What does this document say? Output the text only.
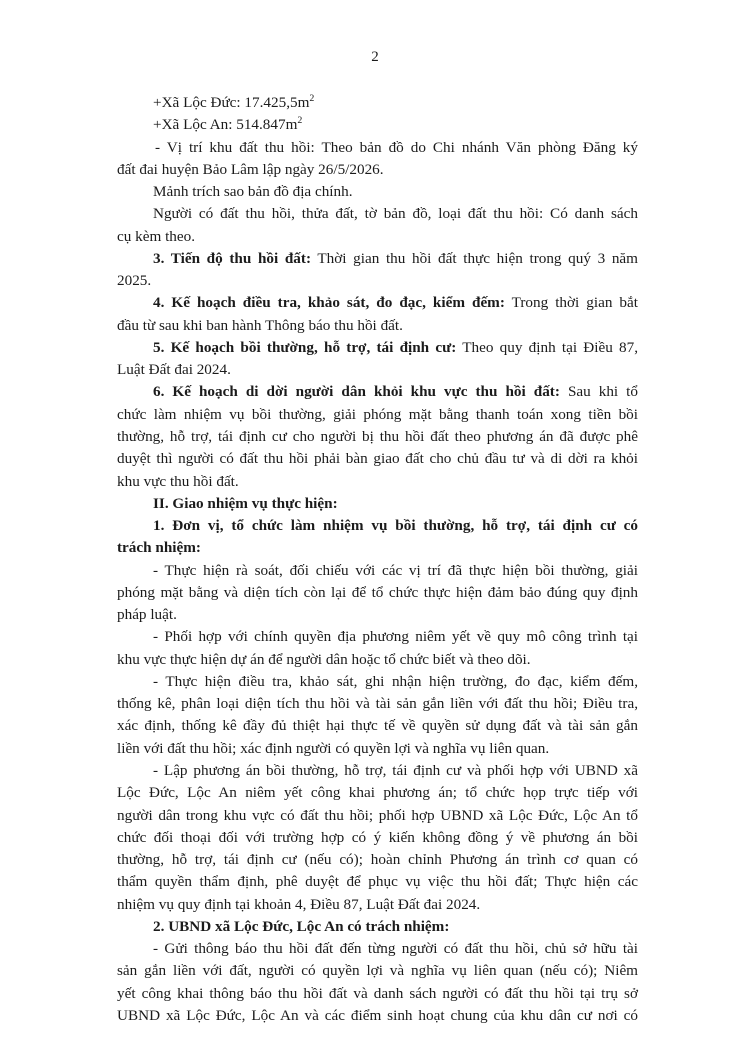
2
+Xã Lộc Đức: $17.425,5m^2$
+Xã Lộc An: $514.847m^2$
- Vị trí khu đất thu hồi: Theo bản đồ do Chi nhánh Văn phòng Đăng ký
đất đai huyện Bảo Lâm lập ngày 26/5/2026.
Mảnh trích sao bản đồ địa chính.
Người có đất thu hồi, thửa đất, tờ bản đồ, loại đất thu hồi: Có danh sách
cụ kèm theo.
3. Tiến độ thu hồi đất: Thời gian thu hồi đất thực hiện trong quý 3 năm
2025.
4. Kế hoạch điều tra, khảo sát, đo đạc, kiểm đếm: Trong thời gian bắt
đầu từ sau khi ban hành Thông báo thu hồi đất.
5. Kế hoạch bồi thường, hỗ trợ, tái định cư: Theo quy định tại Điều 87,
Luật Đất đai 2024.
6. Kế hoạch di dời người dân khỏi khu vực thu hồi đất: Sau khi tổ
chức làm nhiệm vụ bồi thường, giải phóng mặt bằng thanh toán xong tiền bồi
thường, hỗ trợ, tái định cư cho người bị thu hồi đất theo phương án đã được phê
duyệt thì người có đất thu hồi phải bàn giao đất cho chủ đầu tư và di dời ra khỏi
khu vực thu hồi đất.
II. Giao nhiệm vụ thực hiện:
1. Đơn vị, tổ chức làm nhiệm vụ bồi thường, hỗ trợ, tái định cư có
trách nhiệm:
- Thực hiện rà soát, đối chiếu với các vị trí đã thực hiện bồi thường, giải
phóng mặt bằng và diện tích còn lại để tổ chức thực hiện đảm bảo đúng quy định
pháp luật.
- Phối hợp với chính quyền địa phương niêm yết về quy mô công trình tại
khu vực thực hiện dự án để người dân hoặc tổ chức biết và theo dõi.
- Thực hiện điều tra, khảo sát, ghi nhận hiện trường, đo đạc, kiểm đếm,
thống kê, phân loại diện tích thu hồi và tài sản gắn liền với đất thu hồi; Điều tra,
xác định, thống kê đầy đủ thiệt hại thực tế về quyền sử dụng đất và tài sản gắn
liền với đất thu hồi; xác định người có quyền lợi và nghĩa vụ liên quan.
- Lập phương án bồi thường, hỗ trợ, tái định cư và phối hợp với UBND xã
Lộc Đức, Lộc An niêm yết công khai phương án; tổ chức họp trực tiếp với
người dân trong khu vực có đất thu hồi; phối hợp UBND xã Lộc Đức, Lộc An tổ
chức đối thoại đối với trường hợp có ý kiến không đồng ý về phương án bồi
thường, hỗ trợ, tái định cư (nếu có); hoàn chỉnh Phương án trình cơ quan có
thẩm quyền thẩm định, phê duyệt để phục vụ việc thu hồi đất; Thực hiện các
nhiệm vụ quy định tại khoản 4, Điều 87, Luật Đất đai 2024.
2. UBND xã Lộc Đức, Lộc An có trách nhiệm:
- Gửi thông báo thu hồi đất đến từng người có đất thu hồi, chủ sở hữu tài
sản gắn liền với đất, người có quyền lợi và nghĩa vụ liên quan (nếu có); Niêm
yết công khai thông báo thu hồi đất và danh sách người có đất thu hồi tại trụ sở
UBND xã Lộc Đức, Lộc An và các điểm sinh hoạt chung của khu dân cư nơi có
